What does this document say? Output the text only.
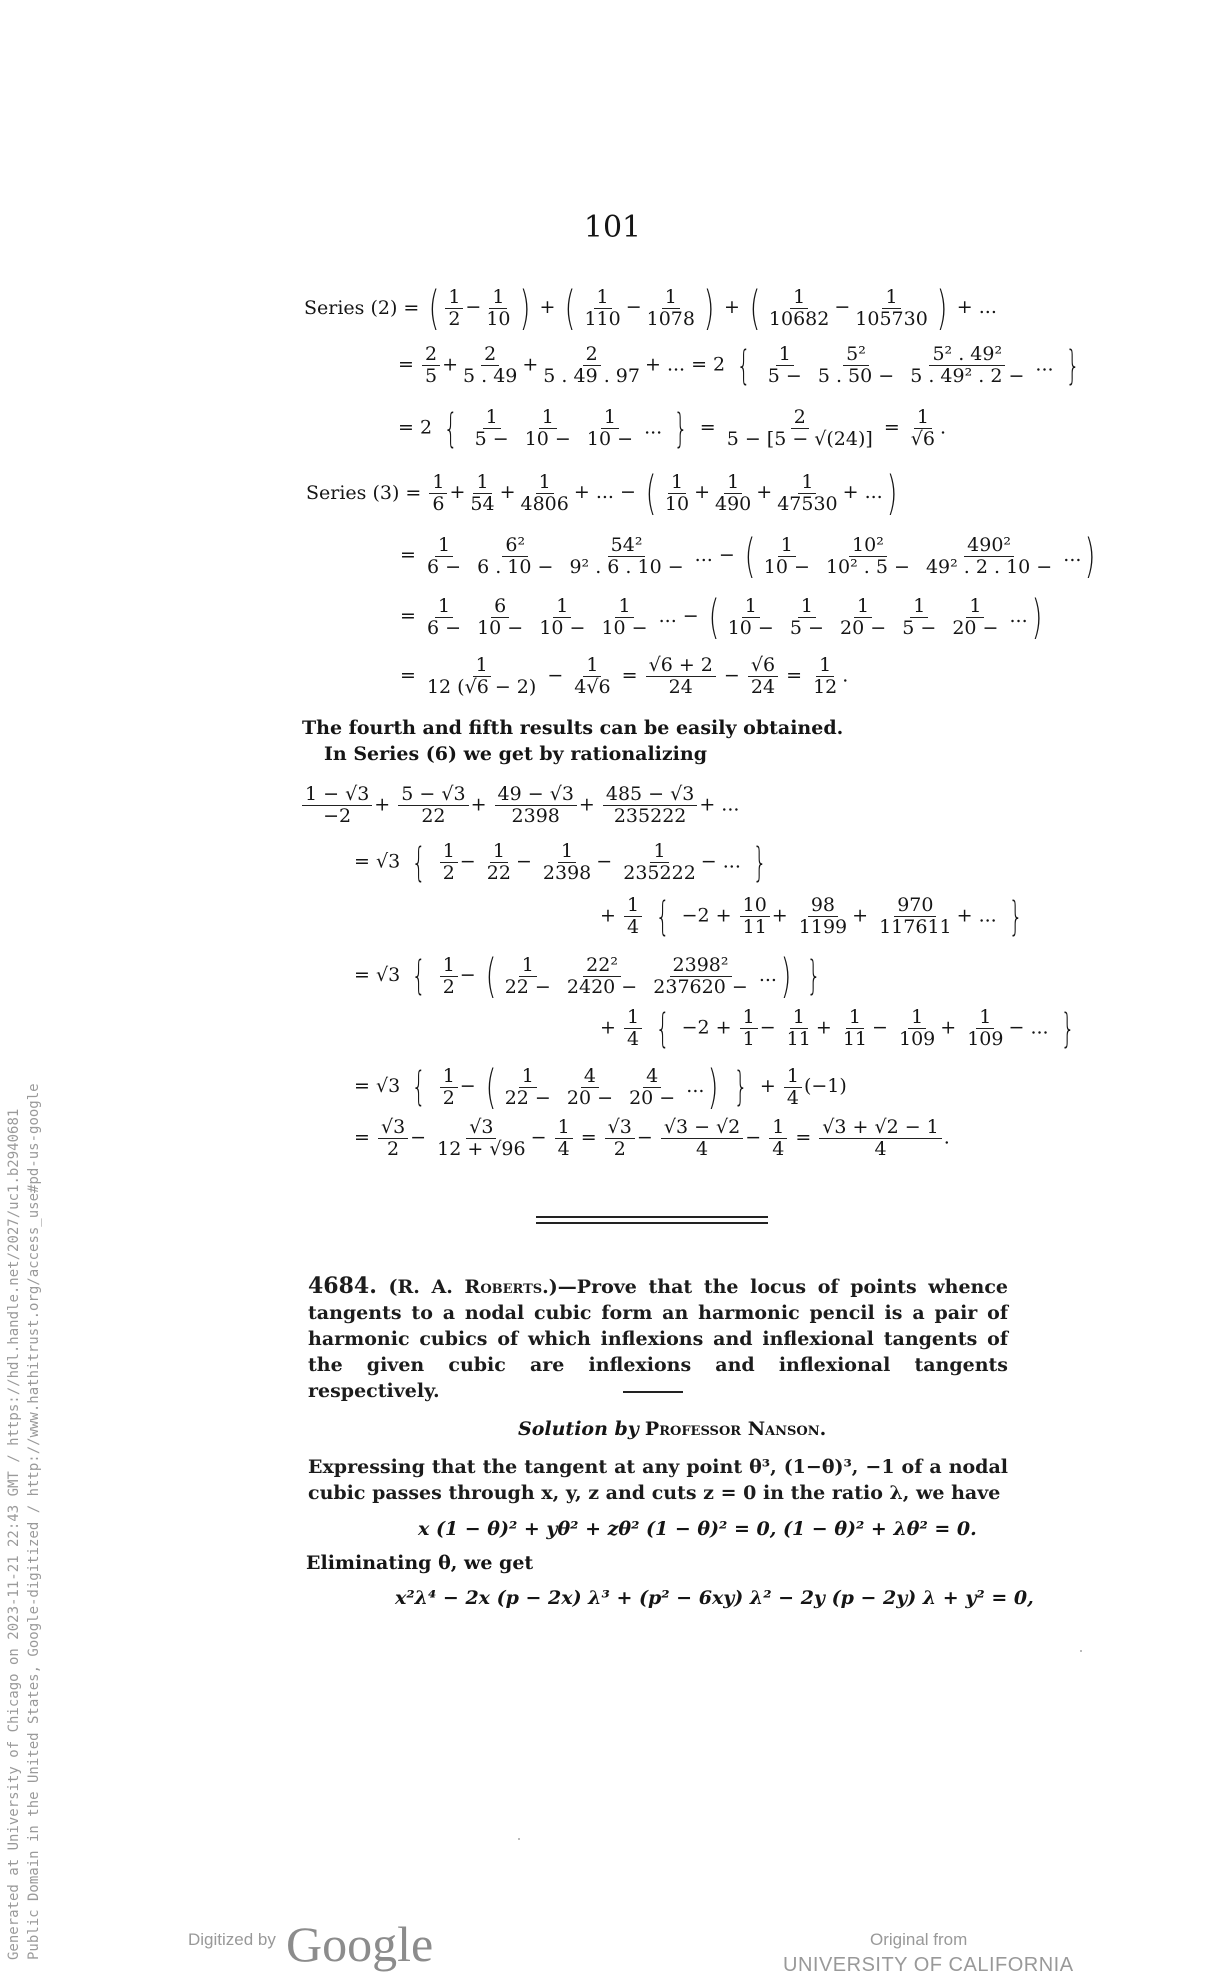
101
Series (2) = ( $\frac{1}{2} - \frac{1}{10}$ ) + ( $\frac{1}{110} - \frac{1}{1078}$ ) + ( $\frac{1}{10682} - \frac{1}{105730}$ ) + ...
= $\frac{2}{5} + \frac{2}{5 . 49} + \frac{2}{5 . 49 . 97}$ + ... = 2 { $\frac{1}{5 -}$
$\frac{\text{5²}}{5 . 50 -}$
$\frac{\text{5² . 49²}}{\text{5 . 49² . 2 −}}$ ... }
= 2 { $\frac{1}{5 -}$
$\frac{1}{10 -}$
$\frac{1}{10 -}$ ... } = $\frac{2}{5 - [5 - √(24)]} = \frac{1}{√6}$ .
Series $(3) = \frac{1}{6} + \frac{1}{54} + \frac{1}{4806}$ + ... − ( $\frac{1}{10} + \frac{1}{490} + \frac{1}{47530}$ + ...)
= $\frac{1}{6 -}$
$\frac{\text{6²}}{6 . 10 -}$
$\frac{\text{54²}}{\text{9² . 6 . 10 −}}$ ... − ( $\frac{1}{10 -}$
$\frac{\text{10²}}{\text{10² . 5 −}}$
$\frac{\text{490²}}{\text{49² . 2 . 10 −}}$ ...)
= $\frac{1}{6 -}$
$\frac{6}{10 -}$
$\frac{1}{10 -}$
$\frac{1}{10 -}$ ... − ( $\frac{1}{10 -}$
$\frac{1}{5 -}$
$\frac{1}{20 -}$
$\frac{1}{5 -}$
$\frac{1}{20 -}$ ...)
= $\frac{1}{12 (√6 - 2)} - \frac{1}{4√6} = \frac{√6 + 2}{24} - \frac{√6}{24} = \frac{1}{12}$ .
The fourth and fifth results can be easily obtained.
In Series (6) we get by rationalizing
$\frac{1 - √3}{-2} + \frac{5 - √3}{22} + \frac{49 - √3}{2398} + \frac{485 - √3}{235222}$ + ...
= √3 { $\frac{1}{2} - \frac{1}{22} - \frac{1}{2398} - \frac{1}{235222}$ − ... }
+ $\frac{1}{4}$ { $-2 + \frac{10}{11} + \frac{98}{1199} + \frac{970}{117611}$ + ... }
= √3 { $\frac{1}{2}$ − ( $\frac{1}{22 -}$
$\frac{\text{22²}}{2420 -}$
$\frac{\text{2398²}}{237620 -}$ ...) }
+ $\frac{1}{4}$ { $-2 + \frac{1}{1} - \frac{1}{11} + \frac{1}{11} - \frac{1}{109} + \frac{1}{109}$ − ... }
= √3 { $\frac{1}{2}$ − ( $\frac{1}{22 -}$
$\frac{4}{20 -}$
$\frac{4}{20 -}$ ...) } + $\frac{1}{4} (-1)$
= $\frac{√3}{2} - \frac{√3}{12 + √96} - \frac{1}{4} = \frac{√3}{2} - \frac{√3 - √2}{4} - \frac{1}{4} = \frac{√3 + √2 - 1}{4}$ .
4684. (R. A. Roberts.)—Prove that the locus of points whence tangents to a nodal cubic form an harmonic pencil is a pair of harmonic cubics of which inflexions and inflexional tangents of the given cubic are inflexions and inflexional tangents respectively.
Solution by Professor Nanson.
Expressing that the tangent at any point θ³, (1−θ)³, −1 of a nodal cubic passes through x, y, z and cuts z = 0 in the ratio λ, we have
x (1 − θ)² + yθ² + zθ² (1 − θ)² = 0, (1 − θ)² + λθ² = 0.
Eliminating θ, we get
x²λ⁴ − 2x (p − 2x) λ³ + (p² − 6xy) λ² − 2y (p − 2y) λ + y² = 0,
Generated at University of Chicago on 2023-11-21 22:43 GMT / https://hdl.handle.net/2027/uc1.b2940681 Public Domain in the United States, Google-digitized / http://www.hathitrust.org/access_use#pd-us-google	Digitized by Google	Original from
UNIVERSITY OF CALIFORNIA
